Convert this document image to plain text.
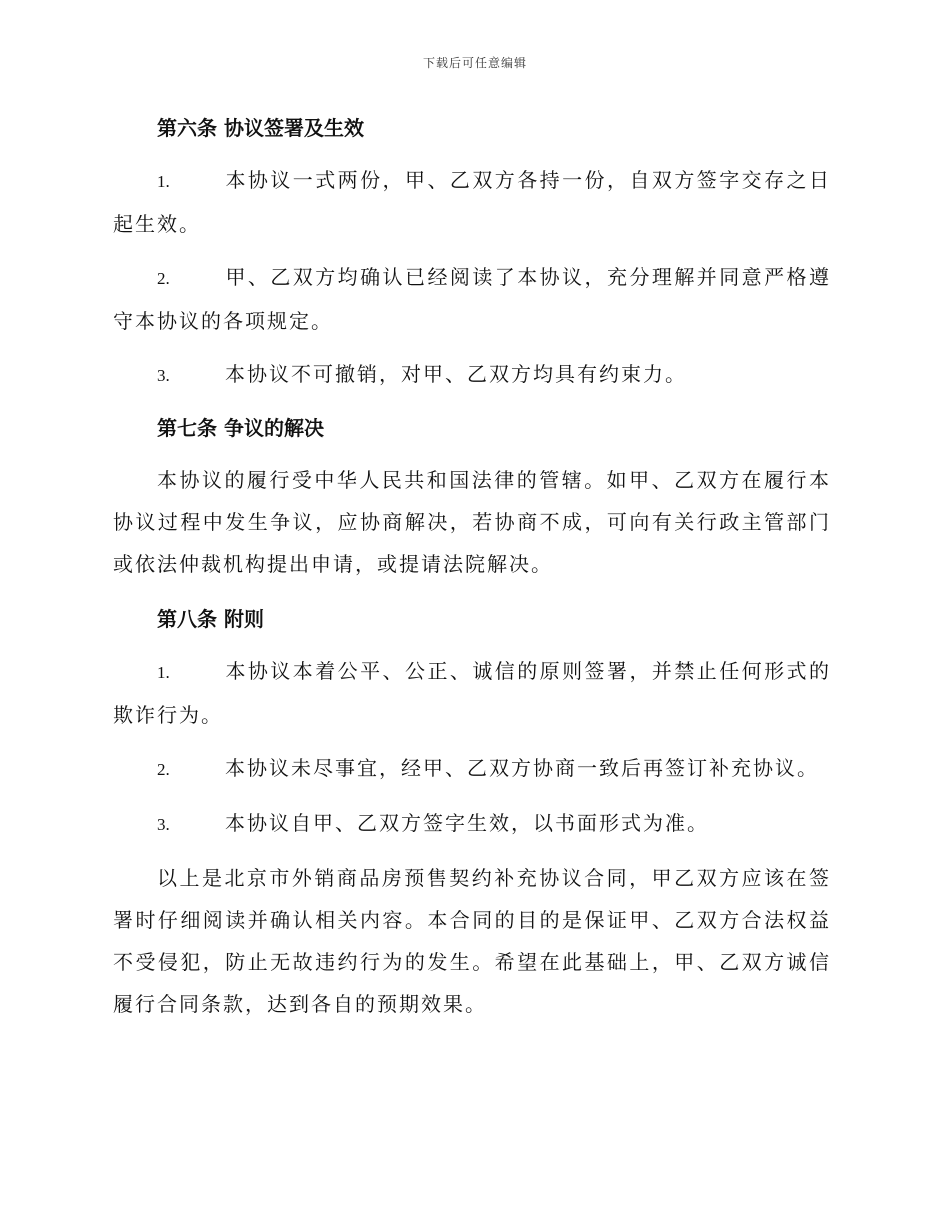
下载后可任意编辑
第六条 协议签署及生效

1.	本协议一式两份，甲、乙双方各持一份，自双方签字交存之日起生效。

2.	甲、乙双方均确认已经阅读了本协议，充分理解并同意严格遵守本协议的各项规定。

3.	本协议不可撤销，对甲、乙双方均具有约束力。

第七条 争议的解决

本协议的履行受中华人民共和国法律的管辖。如甲、乙双方在履行本协议过程中发生争议，应协商解决，若协商不成，可向有关行政主管部门或依法仲裁机构提出申请，或提请法院解决。

第八条 附则

1.	本协议本着公平、公正、诚信的原则签署，并禁止任何形式的欺诈行为。

2.	本协议未尽事宜，经甲、乙双方协商一致后再签订补充协议。

3.	本协议自甲、乙双方签字生效，以书面形式为准。

以上是北京市外销商品房预售契约补充协议合同，甲乙双方应该在签署时仔细阅读并确认相关内容。本合同的目的是保证甲、乙双方合法权益不受侵犯，防止无故违约行为的发生。希望在此基础上，甲、乙双方诚信履行合同条款，达到各自的预期效果。
